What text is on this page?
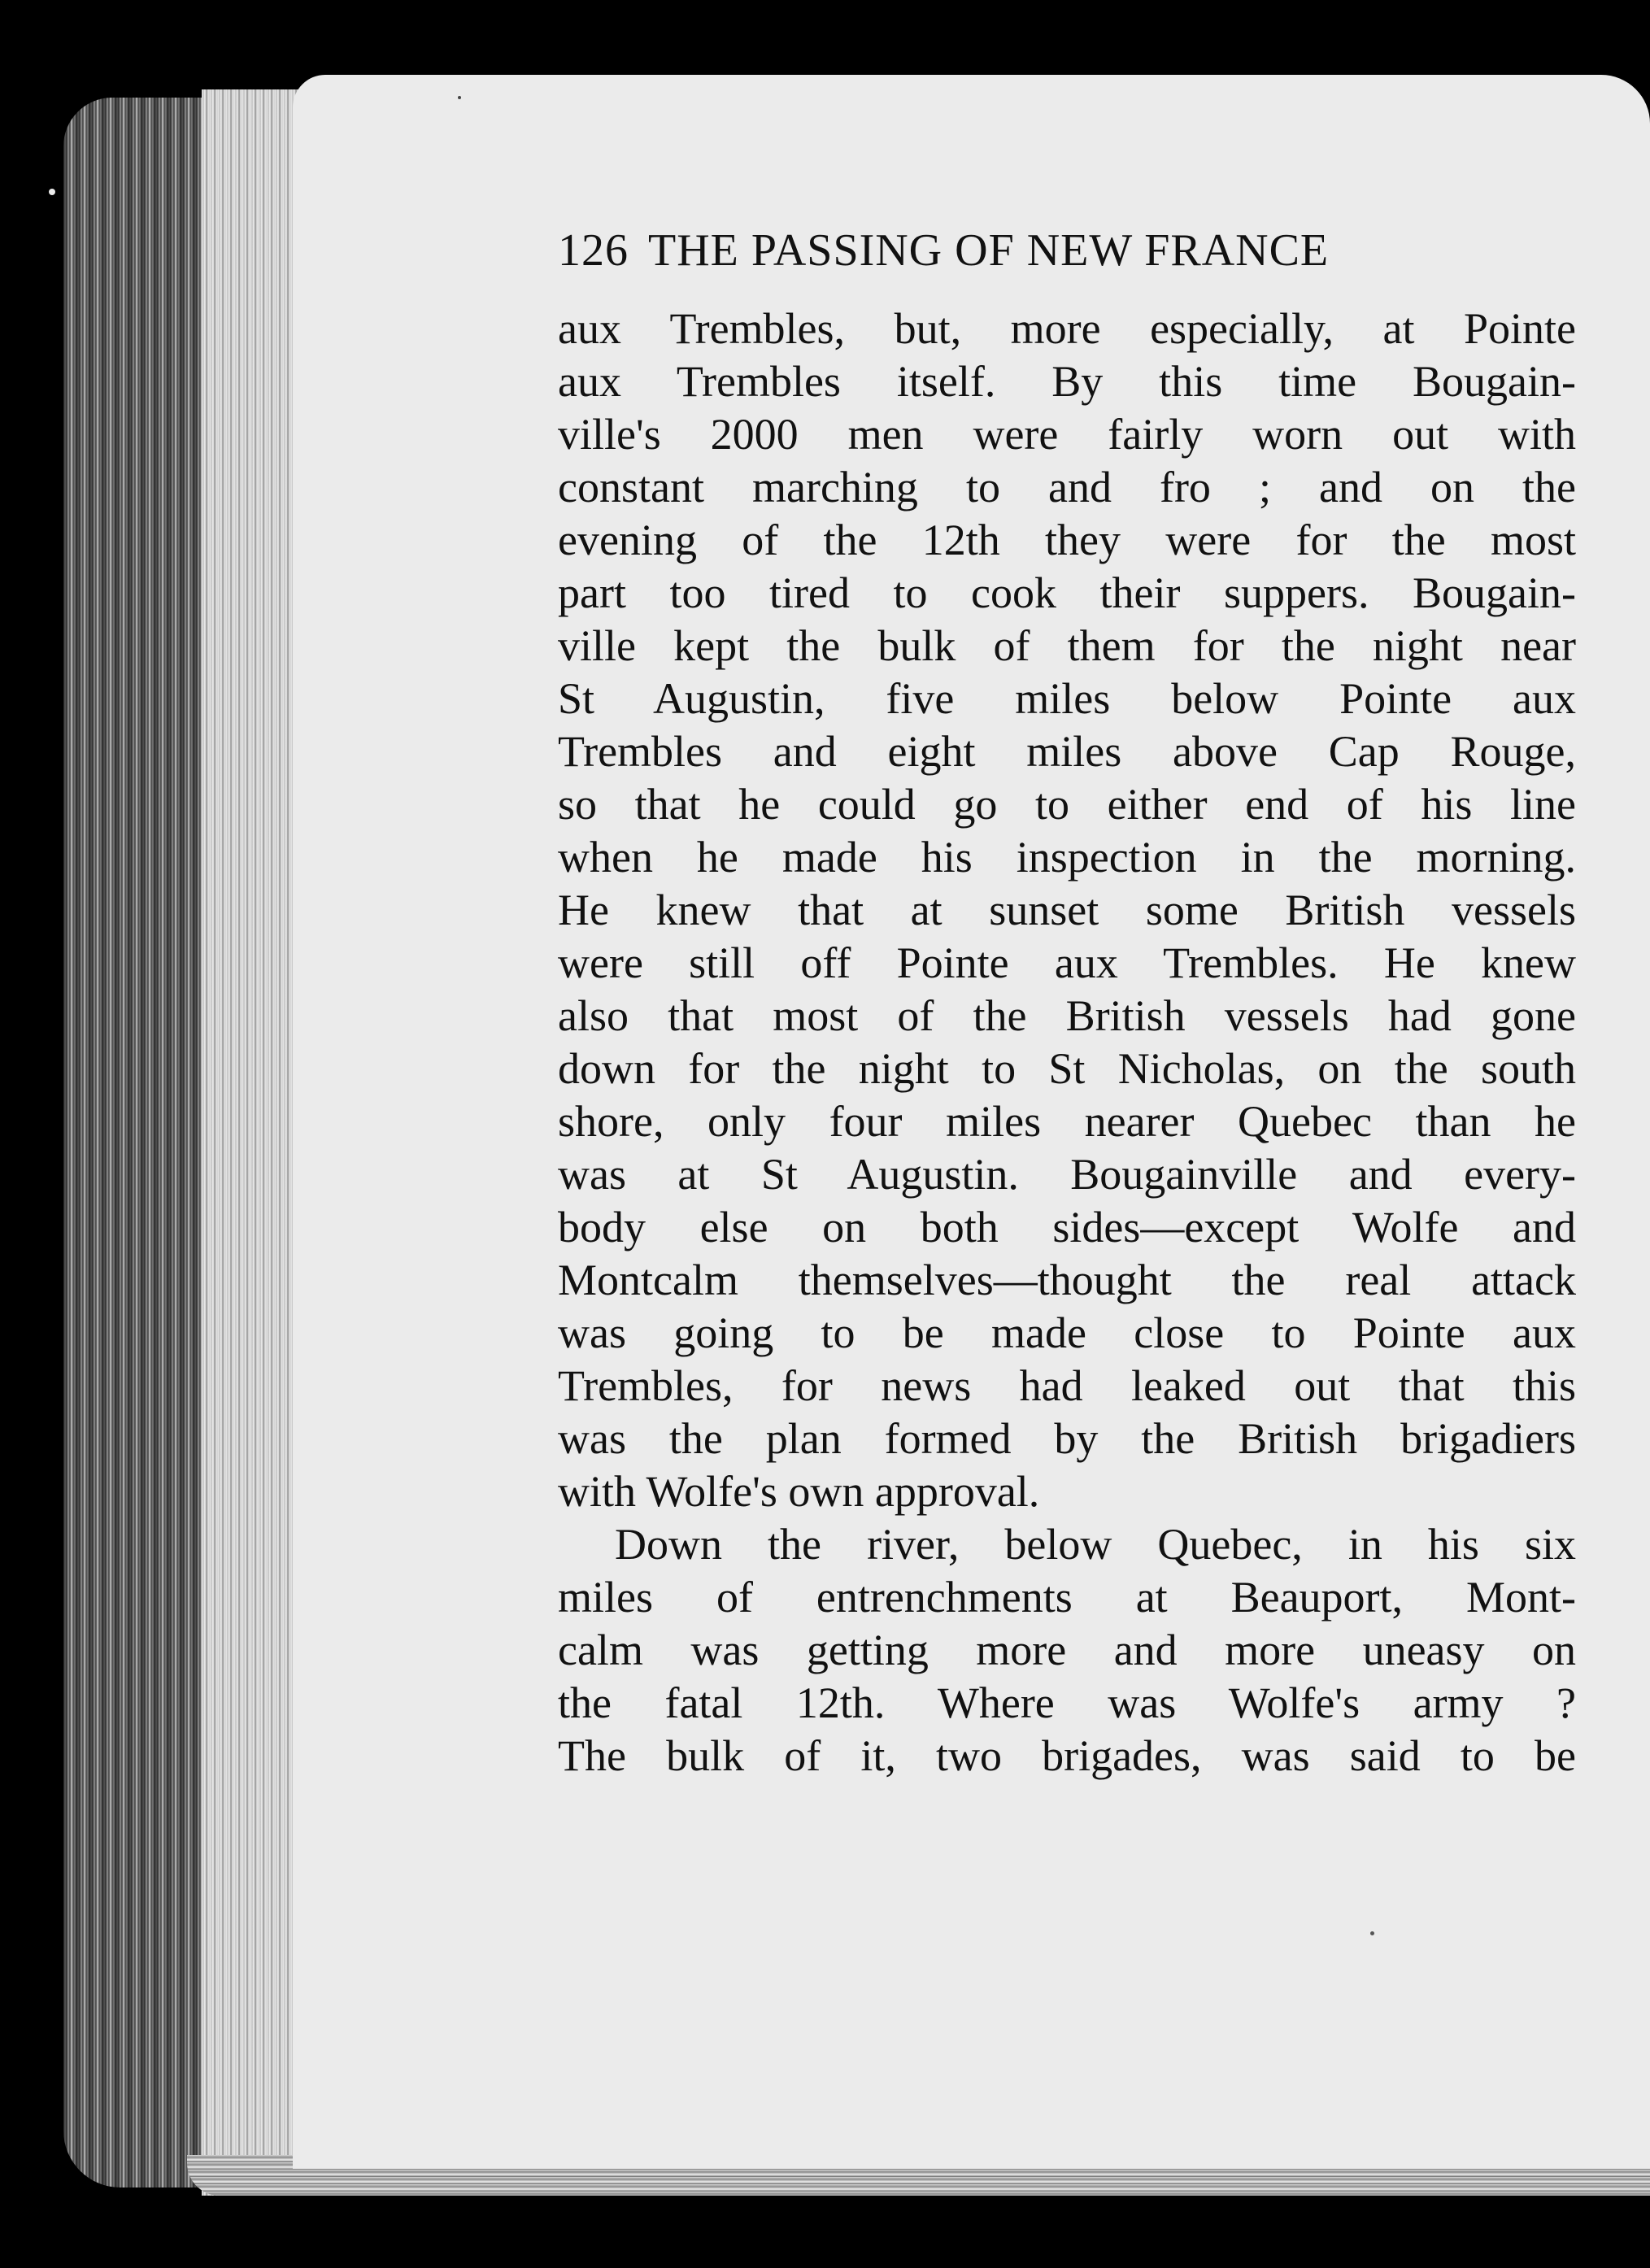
126 THE PASSING OF NEW FRANCE
aux Trembles, but, more especially, at Pointe
aux Trembles itself. By this time Bougain-
ville's 2000 men were fairly worn out with
constant marching to and fro ; and on the
evening of the 12th they were for the most
part too tired to cook their suppers. Bougain-
ville kept the bulk of them for the night near
St Augustin, five miles below Pointe aux
Trembles and eight miles above Cap Rouge,
so that he could go to either end of his line
when he made his inspection in the morning.
He knew that at sunset some British vessels
were still off Pointe aux Trembles. He knew
also that most of the British vessels had gone
down for the night to St Nicholas, on the south
shore, only four miles nearer Quebec than he
was at St Augustin. Bougainville and every-
body else on both sides—except Wolfe and
Montcalm themselves—thought the real attack
was going to be made close to Pointe aux
Trembles, for news had leaked out that this
was the plan formed by the British brigadiers
with Wolfe's own approval.
Down the river, below Quebec, in his six
miles of entrenchments at Beauport, Mont-
calm was getting more and more uneasy on
the fatal 12th. Where was Wolfe's army ?
The bulk of it, two brigades, was said to be
